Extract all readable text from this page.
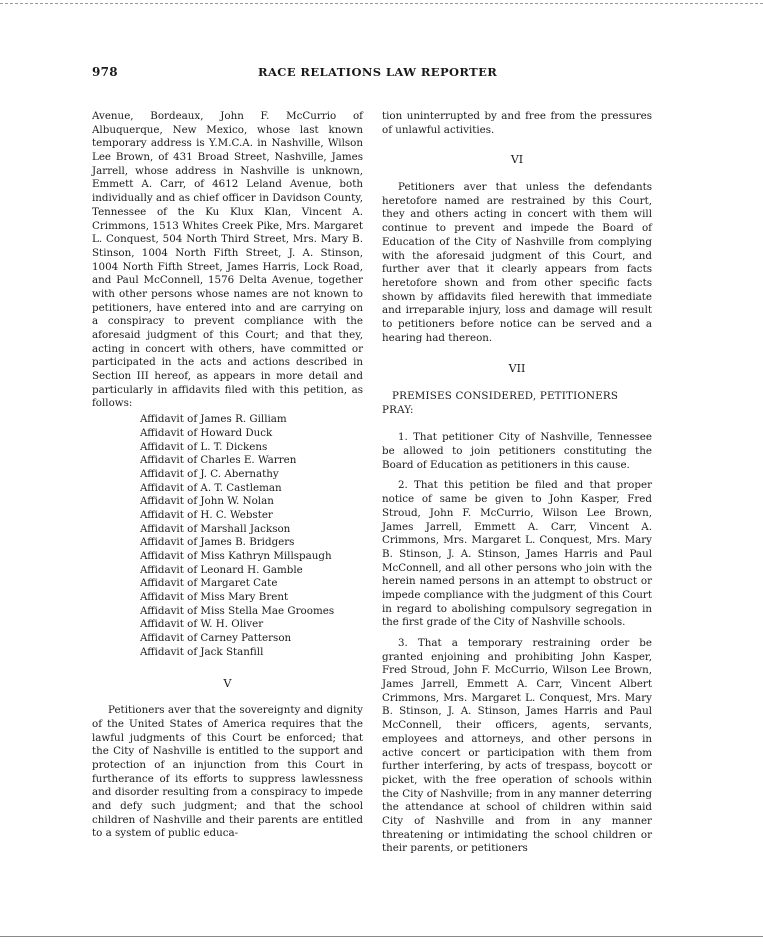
978	RACE RELATIONS LAW REPORTER

Avenue, Bordeaux, John F. McCurrio of Albuquerque, New Mexico, whose last known temporary address is Y.M.C.A. in Nashville, Wilson Lee Brown, of 431 Broad Street, Nashville, James Jarrell, whose address in Nashville is unknown, Emmett A. Carr, of 4612 Leland Avenue, both individually and as chief officer in Davidson County, Tennessee of the Ku Klux Klan, Vincent A. Crimmons, 1513 Whites Creek Pike, Mrs. Margaret L. Conquest, 504 North Third Street, Mrs. Mary B. Stinson, 1004 North Fifth Street, J. A. Stinson, 1004 North Fifth Street, James Harris, Lock Road, and Paul McConnell, 1576 Delta Avenue, together with other persons whose names are not known to petitioners, have entered into and are carrying on a conspiracy to prevent compliance with the aforesaid judgment of this Court; and that they, acting in concert with others, have committed or participated in the acts and actions described in Section III hereof, as appears in more detail and particularly in affidavits filed with this petition, as follows:

Affidavit of James R. Gilliam
Affidavit of Howard Duck
Affidavit of L. T. Dickens
Affidavit of Charles E. Warren
Affidavit of J. C. Abernathy
Affidavit of A. T. Castleman
Affidavit of John W. Nolan
Affidavit of H. C. Webster
Affidavit of Marshall Jackson
Affidavit of James B. Bridgers
Affidavit of Miss Kathryn Millspaugh
Affidavit of Leonard H. Gamble
Affidavit of Margaret Cate
Affidavit of Miss Mary Brent
Affidavit of Miss Stella Mae Groomes
Affidavit of W. H. Oliver
Affidavit of Carney Patterson
Affidavit of Jack Stanfill
V

Petitioners aver that the sovereignty and dignity of the United States of America requires that the lawful judgments of this Court be enforced; that the City of Nashville is entitled to the support and protection of an injunction from this Court in furtherance of its efforts to suppress lawlessness and disorder resulting from a conspiracy to impede and defy such judgment; and that the school children of Nashville and their parents are entitled to a system of public educa-

tion uninterrupted by and free from the pressures of unlawful activities.

VI

Petitioners aver that unless the defendants heretofore named are restrained by this Court, they and others acting in concert with them will continue to prevent and impede the Board of Education of the City of Nashville from complying with the aforesaid judgment of this Court, and further aver that it clearly appears from facts heretofore shown and from other specific facts shown by affidavits filed herewith that immediate and irreparable injury, loss and damage will result to petitioners before notice can be served and a hearing had thereon.

VII

PREMISES CONSIDERED, PETITIONERS PRAY:

1. That petitioner City of Nashville, Tennessee be allowed to join petitioners constituting the Board of Education as petitioners in this cause.

2. That this petition be filed and that proper notice of same be given to John Kasper, Fred Stroud, John F. McCurrio, Wilson Lee Brown, James Jarrell, Emmett A. Carr, Vincent A. Crimmons, Mrs. Margaret L. Conquest, Mrs. Mary B. Stinson, J. A. Stinson, James Harris and Paul McConnell, and all other persons who join with the herein named persons in an attempt to obstruct or impede compliance with the judgment of this Court in regard to abolishing compulsory segregation in the first grade of the City of Nashville schools.

3. That a temporary restraining order be granted enjoining and prohibiting John Kasper, Fred Stroud, John F. McCurrio, Wilson Lee Brown, James Jarrell, Emmett A. Carr, Vincent Albert Crimmons, Mrs. Margaret L. Conquest, Mrs. Mary B. Stinson, J. A. Stinson, James Harris and Paul McConnell, their officers, agents, servants, employees and attorneys, and other persons in active concert or participation with them from further interfering, by acts of trespass, boycott or picket, with the free operation of schools within the City of Nashville; from in any manner deterring the attendance at school of children within said City of Nashville and from in any manner threatening or intimidating the school children or their parents, or petitioners
